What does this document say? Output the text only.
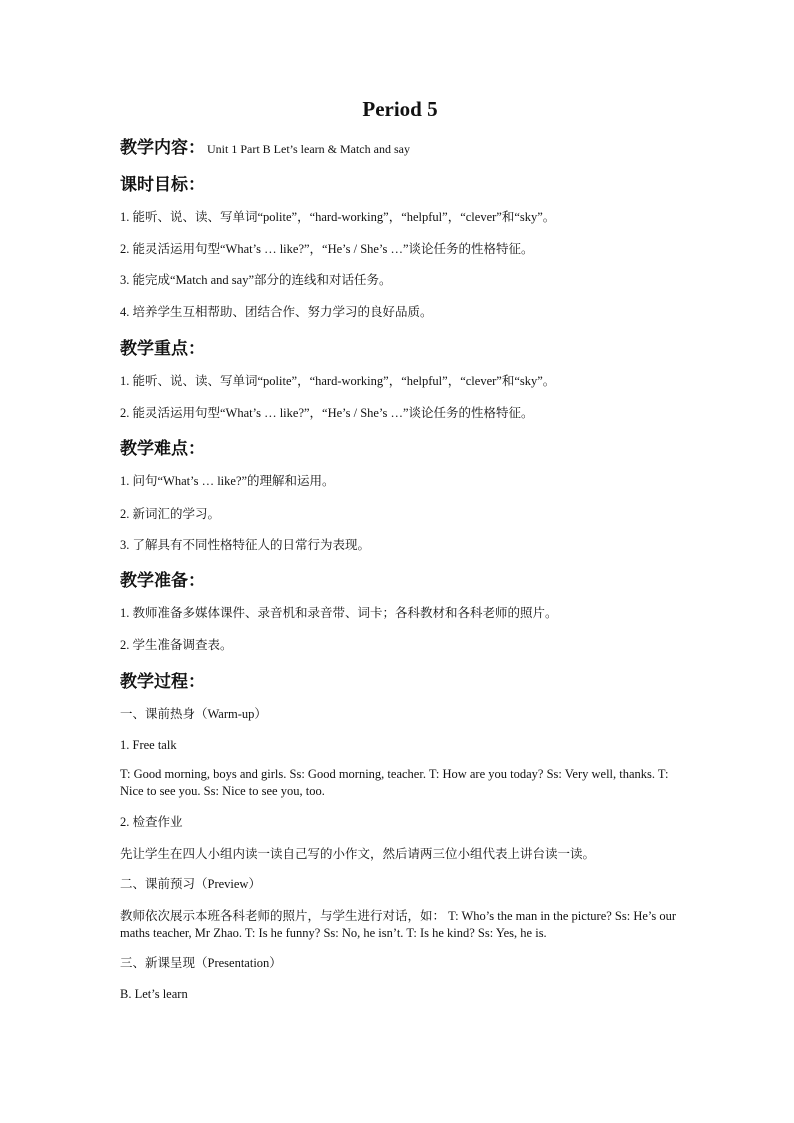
Period 5
教学内容： Unit 1 Part B Let’s learn & Match and say
课时目标：
1. 能听、说、读、写单词“polite”，“hard-working”，“helpful”，“clever”和“sky”。
2. 能灵活运用句型“What’s … like?”，“He’s / She’s …”谈论任务的性格特征。
3. 能完成“Match and say”部分的连线和对话任务。
4. 培养学生互相帮助、团结合作、努力学习的良好品质。
教学重点：
1. 能听、说、读、写单词“polite”，“hard-working”，“helpful”，“clever”和“sky”。
2. 能灵活运用句型“What’s … like?”，“He’s / She’s …”谈论任务的性格特征。
教学难点：
1. 问句“What’s … like?”的理解和运用。
2. 新词汇的学习。
3. 了解具有不同性格特征人的日常行为表现。
教学准备：
1. 教师准备多媒体课件、录音机和录音带、词卡；各科教材和各科老师的照片。
2. 学生准备调查表。
教学过程：
一、课前热身（Warm-up）
1. Free talk
T: Good morning, boys and girls. Ss: Good morning, teacher. T: How are you today? Ss: Very well, thanks. T: Nice to see you. Ss: Nice to see you, too.
2. 检查作业
先让学生在四人小组内读一读自己写的小作文，然后请两三位小组代表上讲台读一读。
二、课前预习（Preview）
教师依次展示本班各科老师的照片，与学生进行对话，如： T: Who’s the man in the picture? Ss: He’s our maths teacher, Mr Zhao. T: Is he funny? Ss: No, he isn’t. T: Is he kind? Ss: Yes, he is.
三、新课呈现（Presentation）
B. Let’s learn
